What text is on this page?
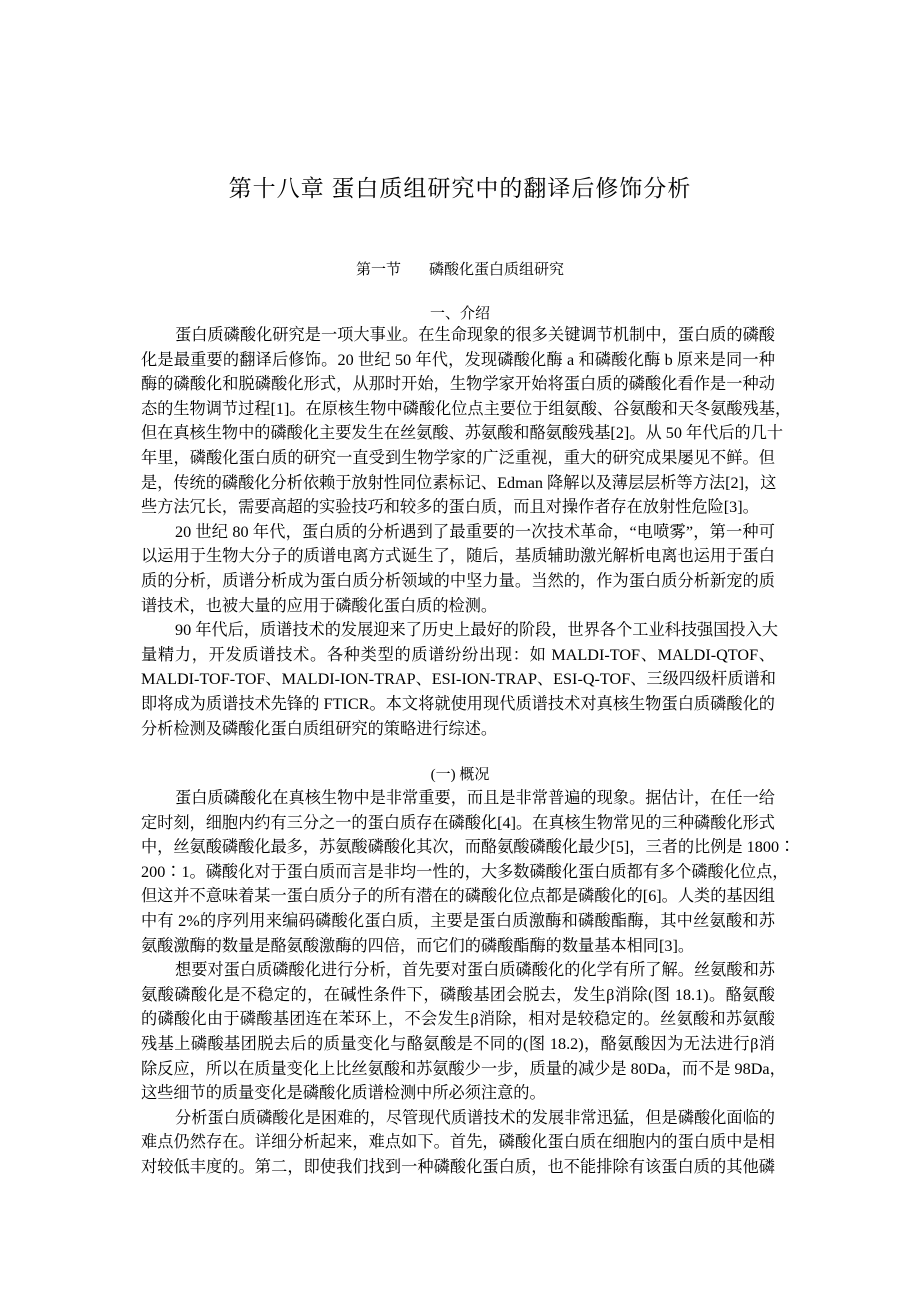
第十八章 蛋白质组研究中的翻译后修饰分析
第一节 磷酸化蛋白质组研究
一、介绍
蛋白质磷酸化研究是一项大事业。在生命现象的很多关键调节机制中，蛋白质的磷酸
化是最重要的翻译后修饰。20 世纪 50 年代，发现磷酸化酶 a 和磷酸化酶 b 原来是同一种
酶的磷酸化和脱磷酸化形式，从那时开始，生物学家开始将蛋白质的磷酸化看作是一种动
态的生物调节过程[1]。在原核生物中磷酸化位点主要位于组氨酸、谷氨酸和天冬氨酸残基，
但在真核生物中的磷酸化主要发生在丝氨酸、苏氨酸和酪氨酸残基[2]。从 50 年代后的几十
年里，磷酸化蛋白质的研究一直受到生物学家的广泛重视，重大的研究成果屡见不鲜。但
是，传统的磷酸化分析依赖于放射性同位素标记、Edman 降解以及薄层层析等方法[2]，这
些方法冗长，需要高超的实验技巧和较多的蛋白质，而且对操作者存在放射性危险[3]。
20 世纪 80 年代，蛋白质的分析遇到了最重要的一次技术革命，“电喷雾”，第一种可
以运用于生物大分子的质谱电离方式诞生了，随后，基质辅助激光解析电离也运用于蛋白
质的分析，质谱分析成为蛋白质分析领域的中坚力量。当然的，作为蛋白质分析新宠的质
谱技术，也被大量的应用于磷酸化蛋白质的检测。
90 年代后，质谱技术的发展迎来了历史上最好的阶段，世界各个工业科技强国投入大
量精力，开发质谱技术。各种类型的质谱纷纷出现：如 MALDI-TOF、MALDI-QTOF、
MALDI-TOF-TOF、MALDI-ION-TRAP、ESI-ION-TRAP、ESI-Q-TOF、三级四级杆质谱和
即将成为质谱技术先锋的 FTICR。本文将就使用现代质谱技术对真核生物蛋白质磷酸化的
分析检测及磷酸化蛋白质组研究的策略进行综述。
(一) 概况
蛋白质磷酸化在真核生物中是非常重要，而且是非常普遍的现象。据估计，在任一给
定时刻，细胞内约有三分之一的蛋白质存在磷酸化[4]。在真核生物常见的三种磷酸化形式
中，丝氨酸磷酸化最多，苏氨酸磷酸化其次，而酪氨酸磷酸化最少[5]，三者的比例是 1800∶
200∶1。磷酸化对于蛋白质而言是非均一性的，大多数磷酸化蛋白质都有多个磷酸化位点，
但这并不意味着某一蛋白质分子的所有潜在的磷酸化位点都是磷酸化的[6]。人类的基因组
中有 2%的序列用来编码磷酸化蛋白质，主要是蛋白质激酶和磷酸酯酶，其中丝氨酸和苏
氨酸激酶的数量是酪氨酸激酶的四倍，而它们的磷酸酯酶的数量基本相同[3]。
想要对蛋白质磷酸化进行分析，首先要对蛋白质磷酸化的化学有所了解。丝氨酸和苏
氨酸磷酸化是不稳定的，在碱性条件下，磷酸基团会脱去，发生β消除(图 18.1)。酪氨酸
的磷酸化由于磷酸基团连在苯环上，不会发生β消除，相对是较稳定的。丝氨酸和苏氨酸
残基上磷酸基团脱去后的质量变化与酪氨酸是不同的(图 18.2)，酪氨酸因为无法进行β消
除反应，所以在质量变化上比丝氨酸和苏氨酸少一步，质量的减少是 80Da，而不是 98Da，
这些细节的质量变化是磷酸化质谱检测中所必须注意的。
分析蛋白质磷酸化是困难的，尽管现代质谱技术的发展非常迅猛，但是磷酸化面临的
难点仍然存在。详细分析起来，难点如下。首先，磷酸化蛋白质在细胞内的蛋白质中是相
对较低丰度的。第二，即使我们找到一种磷酸化蛋白质，也不能排除有该蛋白质的其他磷
